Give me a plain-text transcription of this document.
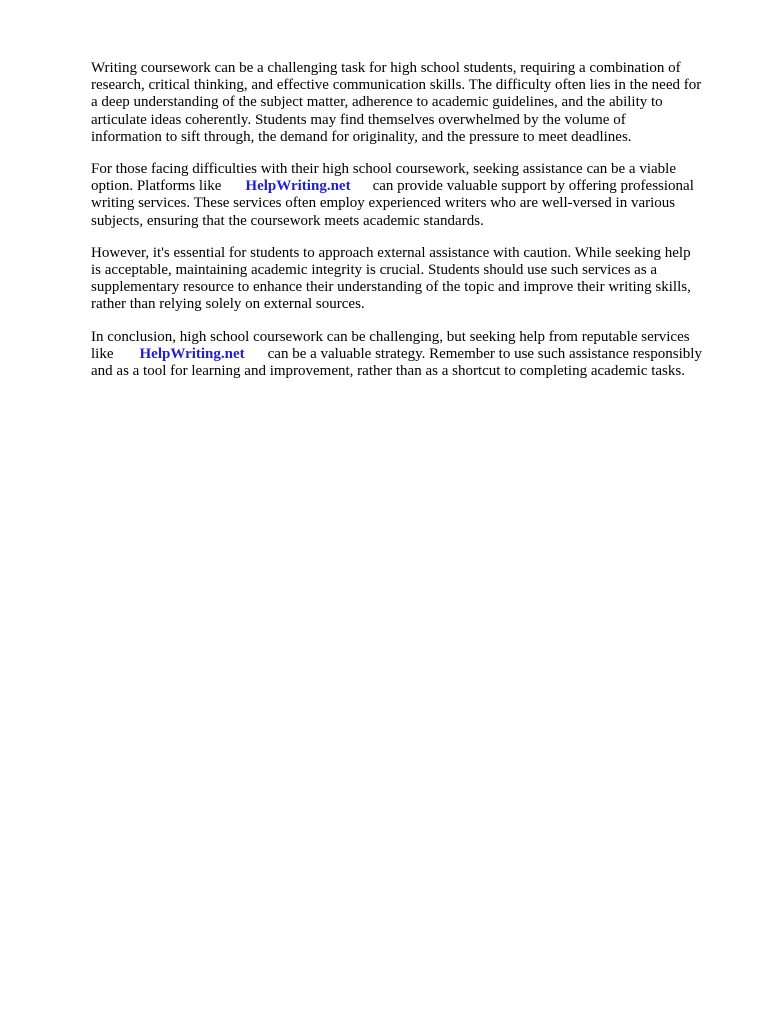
Writing coursework can be a challenging task for high school students, requiring a combination of
research, critical thinking, and effective communication skills. The difficulty often lies in the need for
a deep understanding of the subject matter, adherence to academic guidelines, and the ability to
articulate ideas coherently. Students may find themselves overwhelmed by the volume of
information to sift through, the demand for originality, and the pressure to meet deadlines.

For those facing difficulties with their high school coursework, seeking assistance can be a viable
option. Platforms like HelpWriting.net can provide valuable support by offering professional
writing services. These services often employ experienced writers who are well-versed in various
subjects, ensuring that the coursework meets academic standards.

However, it's essential for students to approach external assistance with caution. While seeking help
is acceptable, maintaining academic integrity is crucial. Students should use such services as a
supplementary resource to enhance their understanding of the topic and improve their writing skills,
rather than relying solely on external sources.

In conclusion, high school coursework can be challenging, but seeking help from reputable services
like HelpWriting.net can be a valuable strategy. Remember to use such assistance responsibly
and as a tool for learning and improvement, rather than as a shortcut to completing academic tasks.
